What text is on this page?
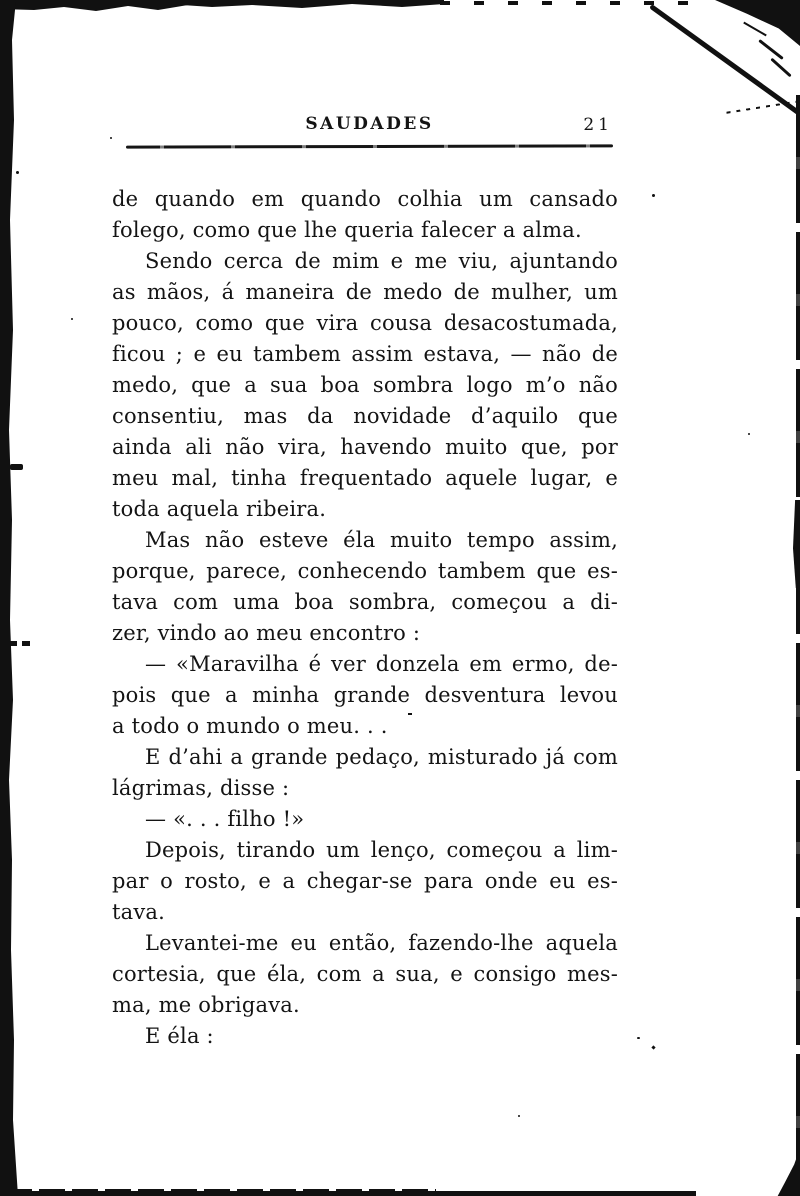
SAUDADES	21
de quando em quando colhia um cansado
folego, como que lhe queria falecer a alma.
Sendo cerca de mim e me viu, ajuntando
as mãos, á maneira de medo de mulher, um
pouco, como que vira cousa desacostumada,
ficou ; e eu tambem assim estava, — não de
medo, que a sua boa sombra logo m’o não
consentiu, mas da novidade d’aquilo que
ainda ali não vira, havendo muito que, por
meu mal, tinha frequentado aquele lugar, e
toda aquela ribeira.
Mas não esteve éla muito tempo assim,
porque, parece, conhecendo tambem que es-
tava com uma boa sombra, começou a di-
zer, vindo ao meu encontro :
— «Maravilha é ver donzela em ermo, de-
pois que a minha grande desventura levou
a todo o mundo o meu. . .
E d’ahi a grande pedaço, misturado já com
lágrimas, disse :
— «. . . filho !»
Depois, tirando um lenço, começou a lim-
par o rosto, e a chegar-se para onde eu es-
tava.
Levantei-me eu então, fazendo-lhe aquela
cortesia, que éla, com a sua, e consigo mes-
ma, me obrigava.
E éla :
